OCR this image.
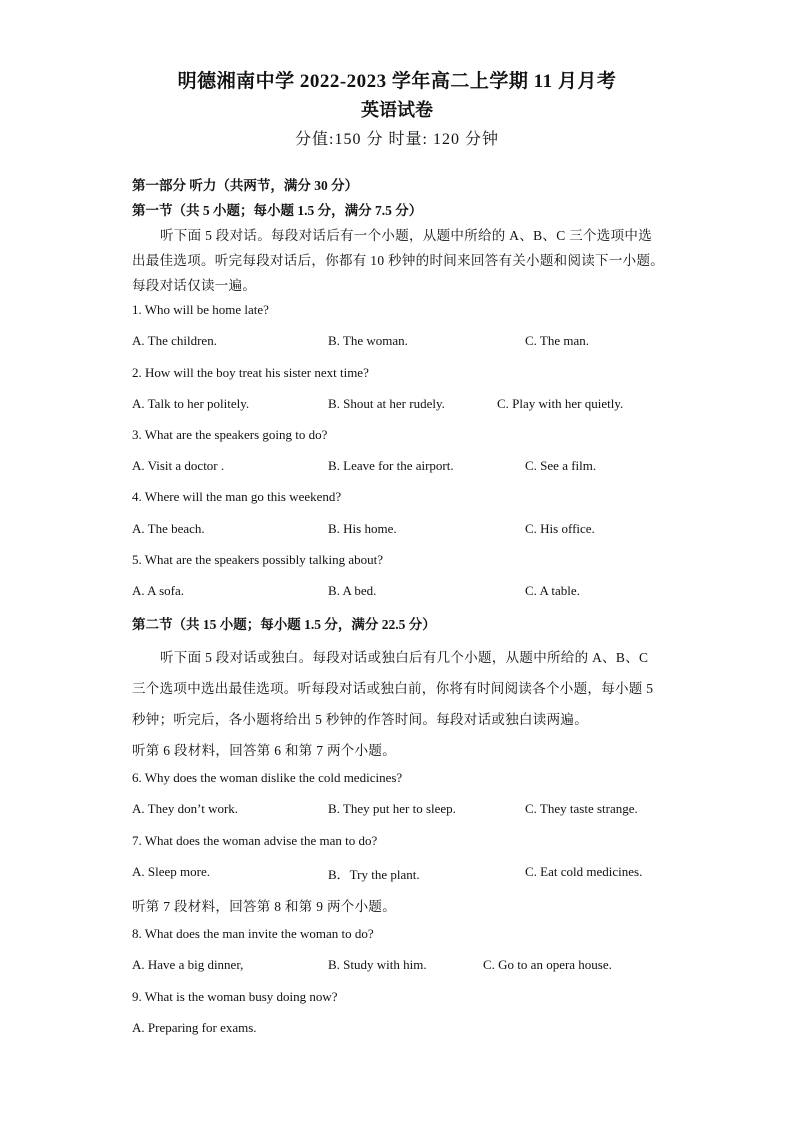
明德湘南中学 2022-2023 学年高二上学期 11 月月考
英语试卷
分值:150 分 时量: 120 分钟
第一部分 听力（共两节，满分 30 分）
第一节（共 5 小题；每小题 1.5 分，满分 7.5 分）
听下面 5 段对话。每段对话后有一个小题，从题中所给的 A、B、C 三个选项中选
出最佳选项。听完每段对话后，你都有 10 秒钟的时间来回答有关小题和阅读下一小题。
每段对话仅读一遍。
1. Who will be home late?
A. The children.	B. The woman.	C. The man.
2. How will the boy treat his sister next time?
A. Talk to her politely.	B. Shout at her rudely.	C. Play with her quietly.
3. What are the speakers going to do?
A. Visit a doctor .	B. Leave for the airport.	C. See a film.
4. Where will the man go this weekend?
A. The beach.	B. His home.	C. His office.
5. What are the speakers possibly talking about?
A. A sofa.	B. A bed.	C. A table.
第二节（共 15 小题；每小题 1.5 分，满分 22.5 分）
听下面 5 段对话或独白。每段对话或独白后有几个小题，从题中所给的 A、B、C
三个选项中选出最佳选项。听每段对话或独白前，你将有时间阅读各个小题，每小题 5
秒钟；听完后，各小题将给出 5 秒钟的作答时间。每段对话或独白读两遍。
听第 6 段材料，回答第 6 和第 7 两个小题。
6. Why does the woman dislike the cold medicines?
A. They don’t work.	B. They put her to sleep.	C. They taste strange.
7. What does the woman advise the man to do?
A. Sleep more.	B．Try the plant.	C. Eat cold medicines.
听第 7 段材料，回答第 8 和第 9 两个小题。
8. What does the man invite the woman to do?
A. Have a big dinner,	B. Study with him.	C. Go to an opera house.
9. What is the woman busy doing now?
A. Preparing for exams.
